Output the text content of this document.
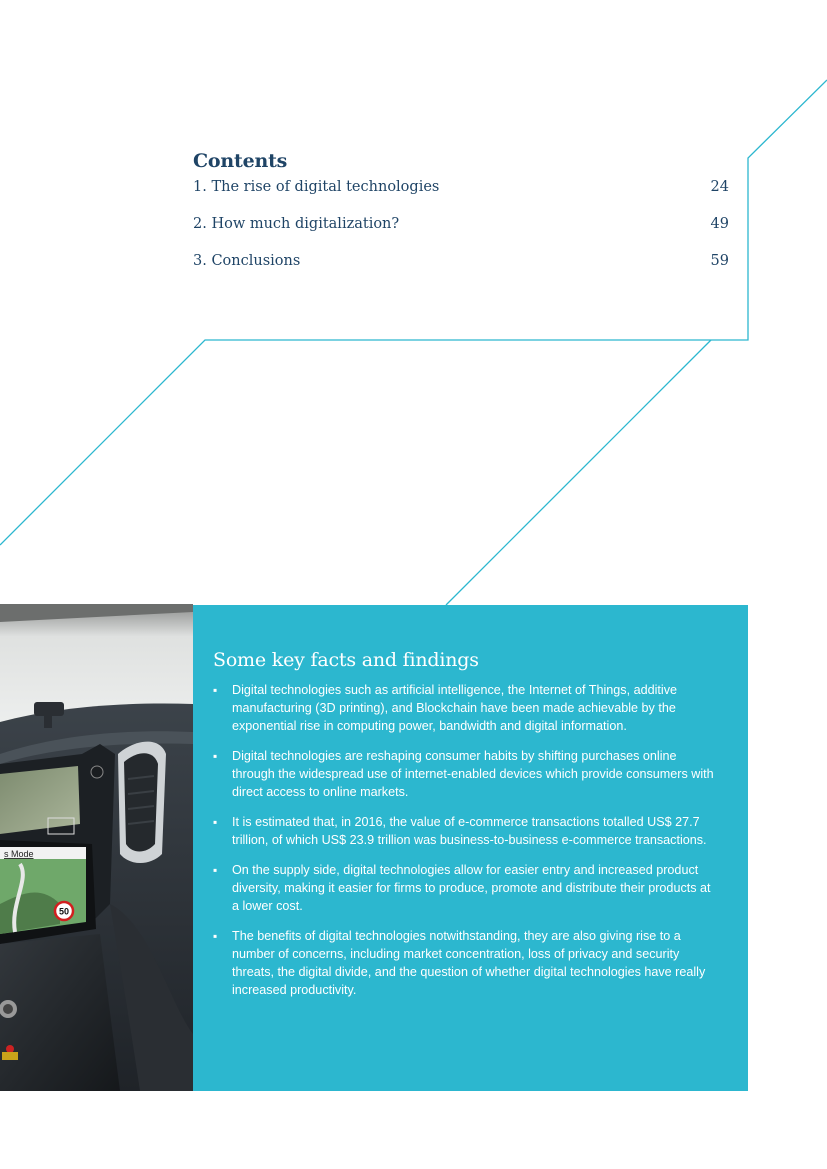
Contents
1. The rise of digital technologies	24
2. How much digitalization?	49
3. Conclusions	59
s Mode
50
Some key facts and findings
▪ Digital technologies such as artificial intelligence, the Internet of Things, additive manufacturing (3D printing), and Blockchain have been made achievable by the exponential rise in computing power, bandwidth and digital information.
▪ Digital technologies are reshaping consumer habits by shifting purchases online through the widespread use of internet-enabled devices which provide consumers with direct access to online markets.
▪ It is estimated that, in 2016, the value of e-commerce transactions totalled US$ 27.7 trillion, of which US$ 23.9 trillion was business-to-business e-commerce transactions.
▪ On the supply side, digital technologies allow for easier entry and increased product diversity, making it easier for firms to produce, promote and distribute their products at a lower cost.
▪ The benefits of digital technologies notwithstanding, they are also giving rise to a number of concerns, including market concentration, loss of privacy and security threats, the digital divide, and the question of whether digital technologies have really increased productivity.
